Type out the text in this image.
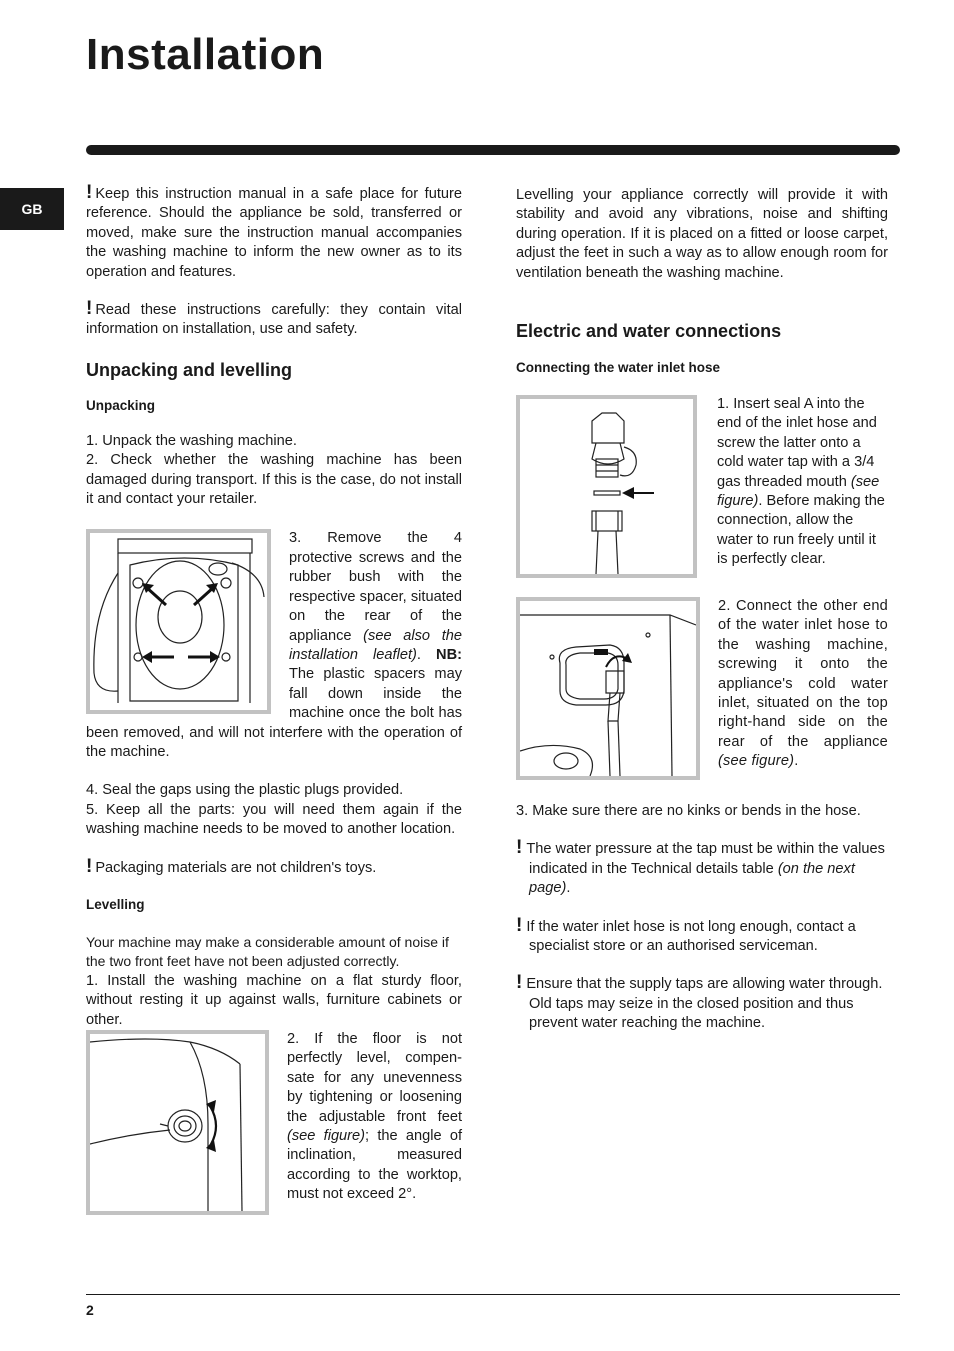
Installation
GB

! Keep this instruction manual in a safe place for future reference. Should the appliance be sold, transferred or moved, make sure the instruction manual accompanies the washing machine to inform the new owner as to its operation and features.

! Read these instructions carefully: they contain vital information on installation, use and safety.

Unpacking and levelling
Unpacking

1. Unpack the washing machine.

2. Check whether the washing machine has been damaged during transport. If this is the case, do not install it and contact your retailer.

3. Remove the 4 protective screws and the rubber bush with the respective spacer, situated on the rear of the appliance (see also the installation leaflet). NB: The plastic spacers may fall down inside the machine once the bolt has been removed, and will not interfere with the operation of the machine.

4. Seal the gaps using the plastic plugs provided.

5. Keep all the parts: you will need them again if the washing machine needs to be moved to another location.

! Packaging materials are not children's toys.

Levelling

Your machine may make a considerable amount of noise if the two front feet have not been adjusted correctly.

1. Install the washing machine on a flat sturdy floor, without resting it up against walls, furniture cabinets or other.

2. If the floor is not perfectly level, compen-sate for any unevenness by tightening or loosening the adjustable front feet (see figure); the angle of inclination, measured according to the worktop, must not exceed 2°.

Levelling your appliance correctly will provide it with stability and avoid any vibrations, noise and shifting during operation. If it is placed on a fitted or loose carpet, adjust the feet in such a way as to allow enough room for ventilation beneath the washing machine.

Electric and water connections
Connecting the water inlet hose

1. Insert seal A into the end of the inlet hose and screw the latter onto a cold water tap with a 3/4 gas threaded mouth (see figure). Before making the connection, allow the water to run freely until it is perfectly clear.

2. Connect the other end of the water inlet hose to the washing machine, screwing it onto the appliance's cold water inlet, situated on the top right-hand side on the rear of the appliance (see figure).

3. Make sure there are no kinks or bends in the hose.

! The water pressure at the tap must be within the values indicated in the Technical details table (on the next page).

! If the water inlet hose is not long enough, contact a specialist store or an authorised serviceman.

! Ensure that the supply taps are allowing water through. Old taps may seize in the closed position and thus prevent water reaching the machine.

2
